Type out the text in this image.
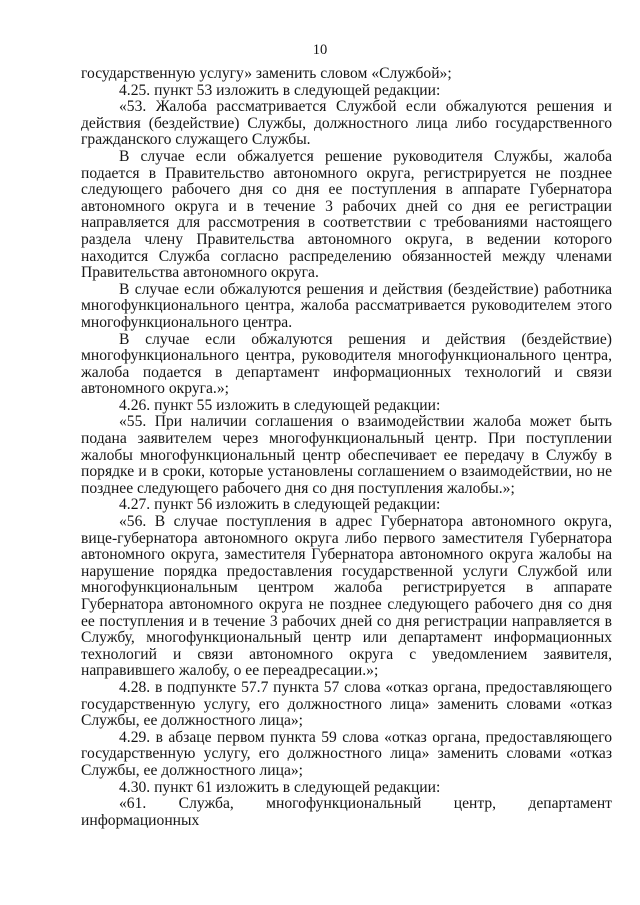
10

государственную услугу» заменить словом «Службой»;

4.25. пункт 53 изложить в следующей редакции:

«53. Жалоба рассматривается Службой если обжалуются решения и действия (бездействие) Службы, должностного лица либо государственного гражданского служащего Службы.

В случае если обжалуется решение руководителя Службы, жалоба подается в Правительство автономного округа, регистрируется не позднее следующего рабочего дня со дня ее поступления в аппарате Губернатора автономного округа и в течение 3 рабочих дней со дня ее регистрации направляется для рассмотрения в соответствии с требованиями настоящего раздела члену Правительства автономного округа, в ведении которого находится Служба согласно распределению обязанностей между членами Правительства автономного округа.

В случае если обжалуются решения и действия (бездействие) работника многофункционального центра, жалоба рассматривается руководителем этого многофункционального центра.

В случае если обжалуются решения и действия (бездействие) многофункционального центра, руководителя многофункционального центра, жалоба подается в департамент информационных технологий и связи автономного округа.»;

4.26. пункт 55 изложить в следующей редакции:

«55. При наличии соглашения о взаимодействии жалоба может быть подана заявителем через многофункциональный центр. При поступлении жалобы многофункциональный центр обеспечивает ее передачу в Службу в порядке и в сроки, которые установлены соглашением о взаимодействии, но не позднее следующего рабочего дня со дня поступления жалобы.»;

4.27. пункт 56 изложить в следующей редакции:

«56. В случае поступления в адрес Губернатора автономного округа, вице-губернатора автономного округа либо первого заместителя Губернатора автономного округа, заместителя Губернатора автономного округа жалобы на нарушение порядка предоставления государственной услуги Службой или многофункциональным центром жалоба регистрируется в аппарате Губернатора автономного округа не позднее следующего рабочего дня со дня ее поступления и в течение 3 рабочих дней со дня регистрации направляется в Службу, многофункциональный центр или департамент информационных технологий и связи автономного округа с уведомлением заявителя, направившего жалобу, о ее переадресации.»;

4.28. в подпункте 57.7 пункта 57 слова «отказ органа, предоставляющего государственную услугу, его должностного лица» заменить словами «отказ Службы, ее должностного лица»;

4.29. в абзаце первом пункта 59 слова «отказ органа, предоставляющего государственную услугу, его должностного лица» заменить словами «отказ Службы, ее должностного лица»;

4.30. пункт 61 изложить в следующей редакции:

«61. Служба, многофункциональный центр, департамент информационных
